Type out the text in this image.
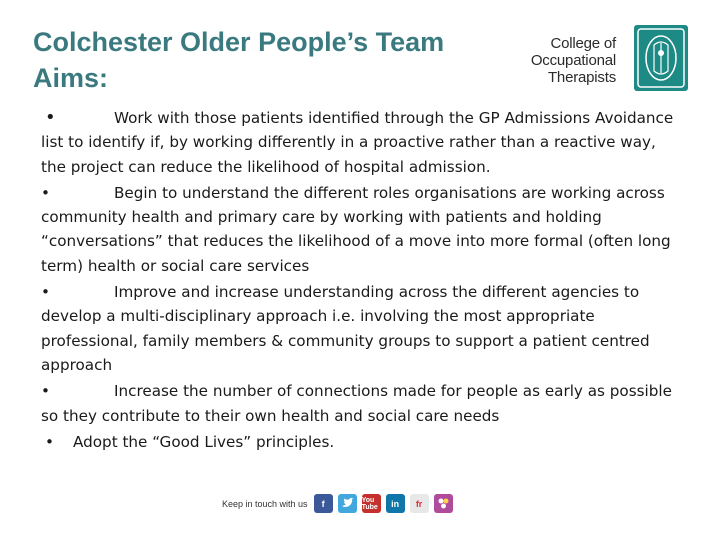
Colchester Older People’s Team
Aims:
College of
Occupational
Therapists

•	Work with those patients identified through the GP Admissions Avoidance list to identify if, by working differently in a proactive rather than a reactive way, the project can reduce the likelihood of hospital admission.

•	Begin to understand the different roles organisations are working across community health and primary care by working with patients and holding “conversations” that reduces the likelihood of a move into more formal (often long term) health or social care services

•	Improve and increase understanding across the different agencies to develop a multi-disciplinary approach i.e. involving the most appropriate professional, family members & community groups to support a patient centred approach

•	Increase the number of connections made for people as early as possible so they contribute to their own health and social care needs

• Adopt the “Good Lives” principles.

Keep in touch with us	f	You Tube	in	fr
